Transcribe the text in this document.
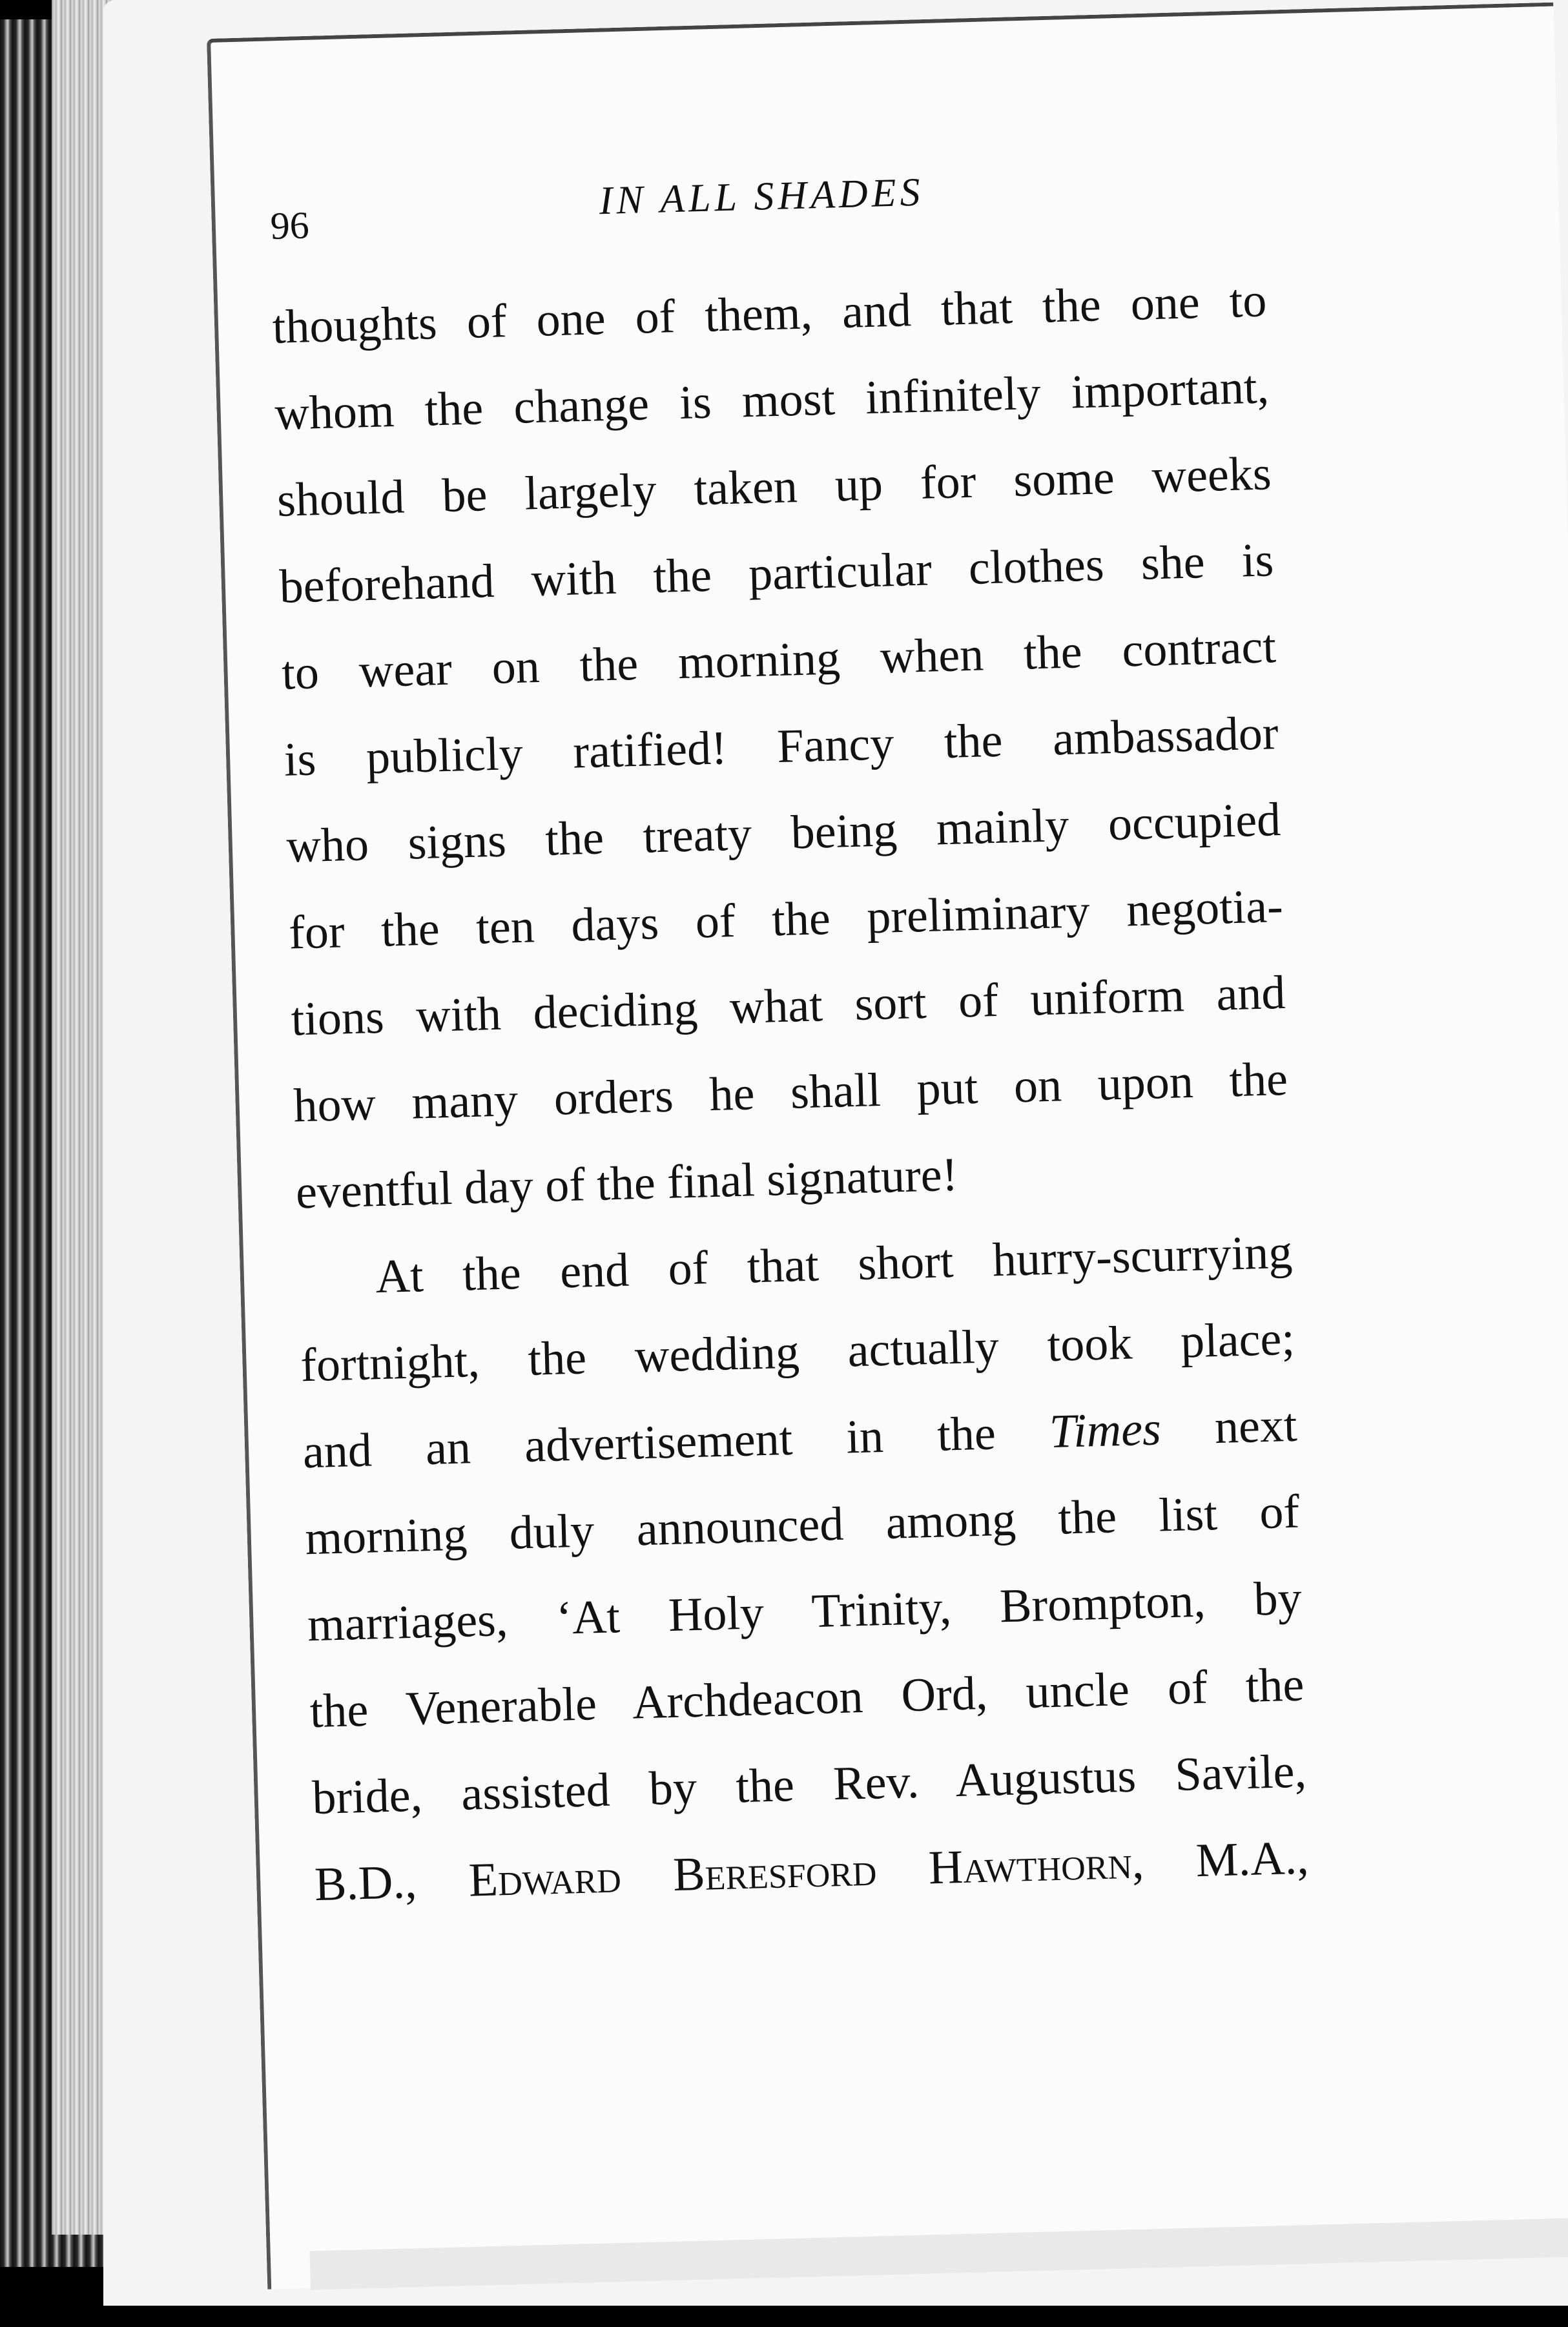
96
IN ALL SHADES
thoughts of one of them, and that the one to
whom the change is most infinitely important,
should be largely taken up for some weeks
beforehand with the particular clothes she is
to wear on the morning when the contract
is publicly ratified! Fancy the ambassador
who signs the treaty being mainly occupied
for the ten days of the preliminary negotia-
tions with deciding what sort of uniform and
how many orders he shall put on upon the
eventful day of the final signature!
At the end of that short hurry-scurrying
fortnight, the wedding actually took place;
and an advertisement in the Times next
morning duly announced among the list of
marriages, ‘At Holy Trinity, Brompton, by
the Venerable Archdeacon Ord, uncle of the
bride, assisted by the Rev. Augustus Savile,
B.D., Edward Beresford Hawthorn, M.A.,
